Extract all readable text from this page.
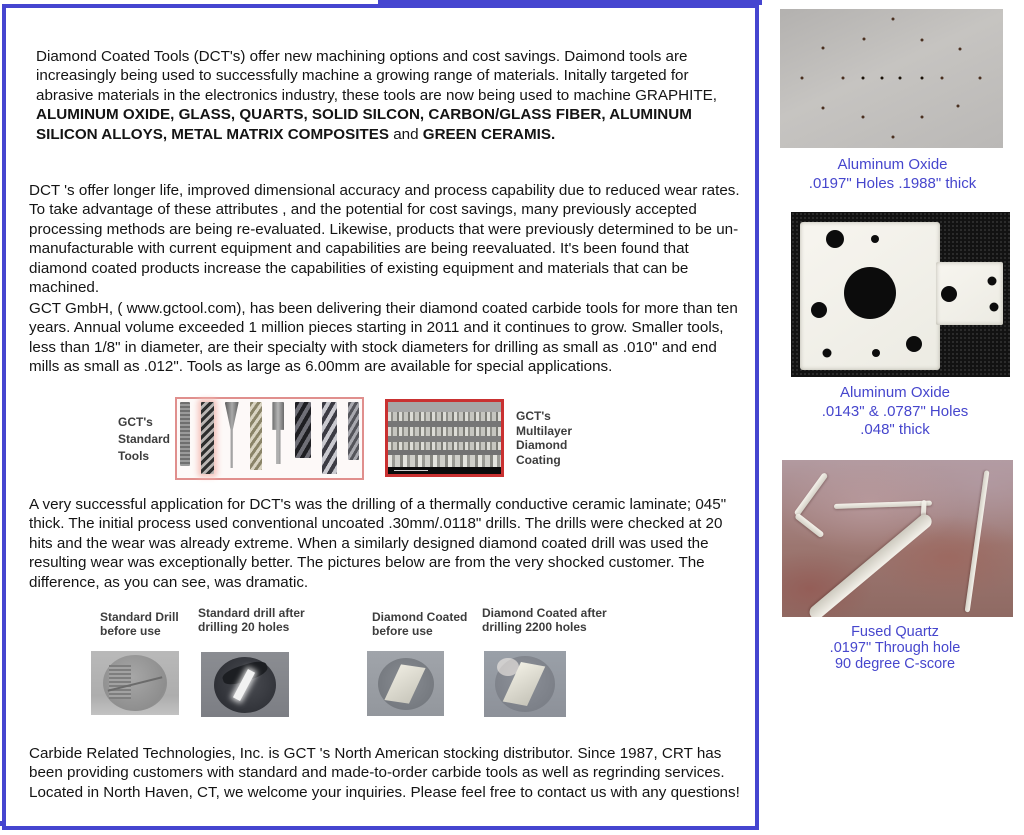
Diamond Coated Tools (DCT's) offer new machining options and cost savings. Daimond tools are increasingly being used to successfully machine a growing range of materials. Initally targeted for abrasive materials in the electronics industry, these tools are now being used to machine GRAPHITE, ALUMINUM OXIDE, GLASS, QUARTS, SOLID SILCON, CARBON/GLASS FIBER, ALUMINUM SILICON ALLOYS, METAL MATRIX COMPOSITES and GREEN CERAMIS.
DCT 's offer longer life, improved dimensional accuracy and process capability due to reduced wear rates. To take advantage of these attributes , and the potential for cost savings, many previously accepted processing methods are being re-evaluated. Likewise, products that were previously determined to be un-manufacturable with current equipment and capabilities are being reevaluated. It's been found that diamond coated products increase the capabilities of existing equipment and materials that can be machined.
GCT GmbH, ( www.gctool.com), has been delivering their diamond coated carbide tools for more than ten years. Annual volume exceeded 1 million pieces starting in 2011 and it continues to grow. Smaller tools, less than 1/8" in diameter, are their specialty with stock diameters for drilling as small as .010" and end mills as small as .012". Tools as large as 6.00mm are available for special applications.
GCT's
Standard
Tools
GCT's
Multilayer
Diamond
Coating
A very successful application for DCT's was the drilling of a thermally conductive ceramic laminate; 045" thick. The initial process used conventional uncoated .30mm/.0118" drills. The drills were checked at 20 hits and the wear was already extreme. When a similarly designed diamond coated drill was used the resulting wear was exceptionally better. The pictures below are from the very shocked customer. The difference, as you can see, was dramatic.
Standard Drill
before use
Standard drill after
drilling 20 holes
Diamond Coated
before use
Diamond Coated after
drilling 2200 holes
Carbide Related Technologies, Inc. is GCT 's North American stocking distributor. Since 1987, CRT has been providing customers with standard and made-to-order carbide tools as well as regrinding services. Located in North Haven, CT, we welcome your inquiries. Please feel free to contact us with any questions!
Aluminum Oxide
.0197" Holes .1988" thick
Aluminum Oxide
.0143" & .0787" Holes
.048" thick
Fused Quartz
.0197" Through hole
90 degree C-score
